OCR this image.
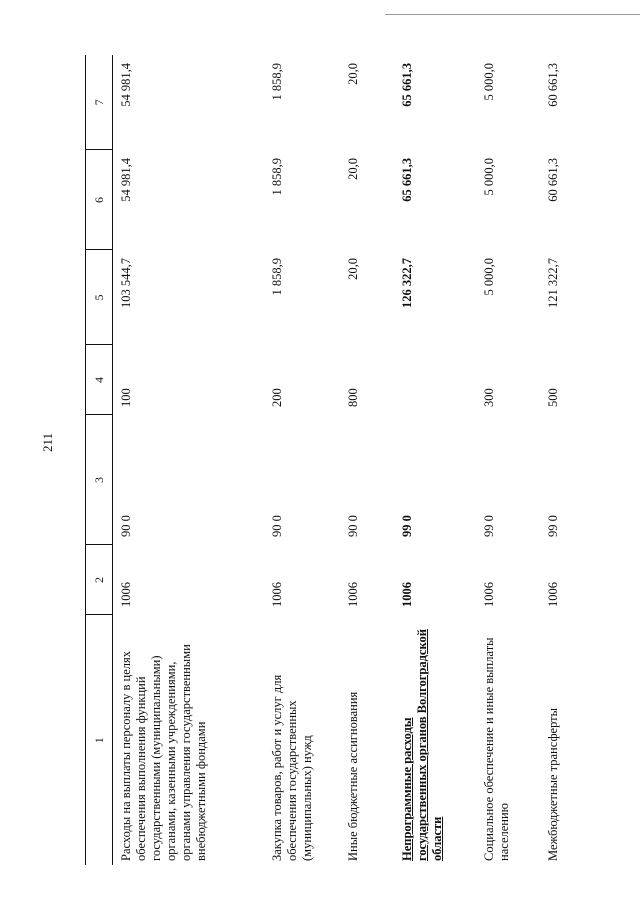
211
1	2	3	4	5	6	7
Расходы на выплаты персоналу в целях обеспечения выполнения функций государственными (муниципальными) органами, казенными учреждениями, органами управления государственными внебюджетными фондами	1006	90 0	100	103 544,7	54 981,4	54 981,4
Закупка товаров, работ и услуг для обеспечения государственных (муниципальных) нужд	1006	90 0	200	1 858,9	1 858,9	1 858,9
Иные бюджетные ассигнования	1006	90 0	800	20,0	20,0	20,0
Непрограммные расходы государственных органов Волгоградской области	1006	99 0		126 322,7	65 661,3	65 661,3
Социальное обеспечение и иные выплаты населению	1006	99 0	300	5 000,0	5 000,0	5 000,0
Межбюджетные трансферты	1006	99 0	500	121 322,7	60 661,3	60 661,3
